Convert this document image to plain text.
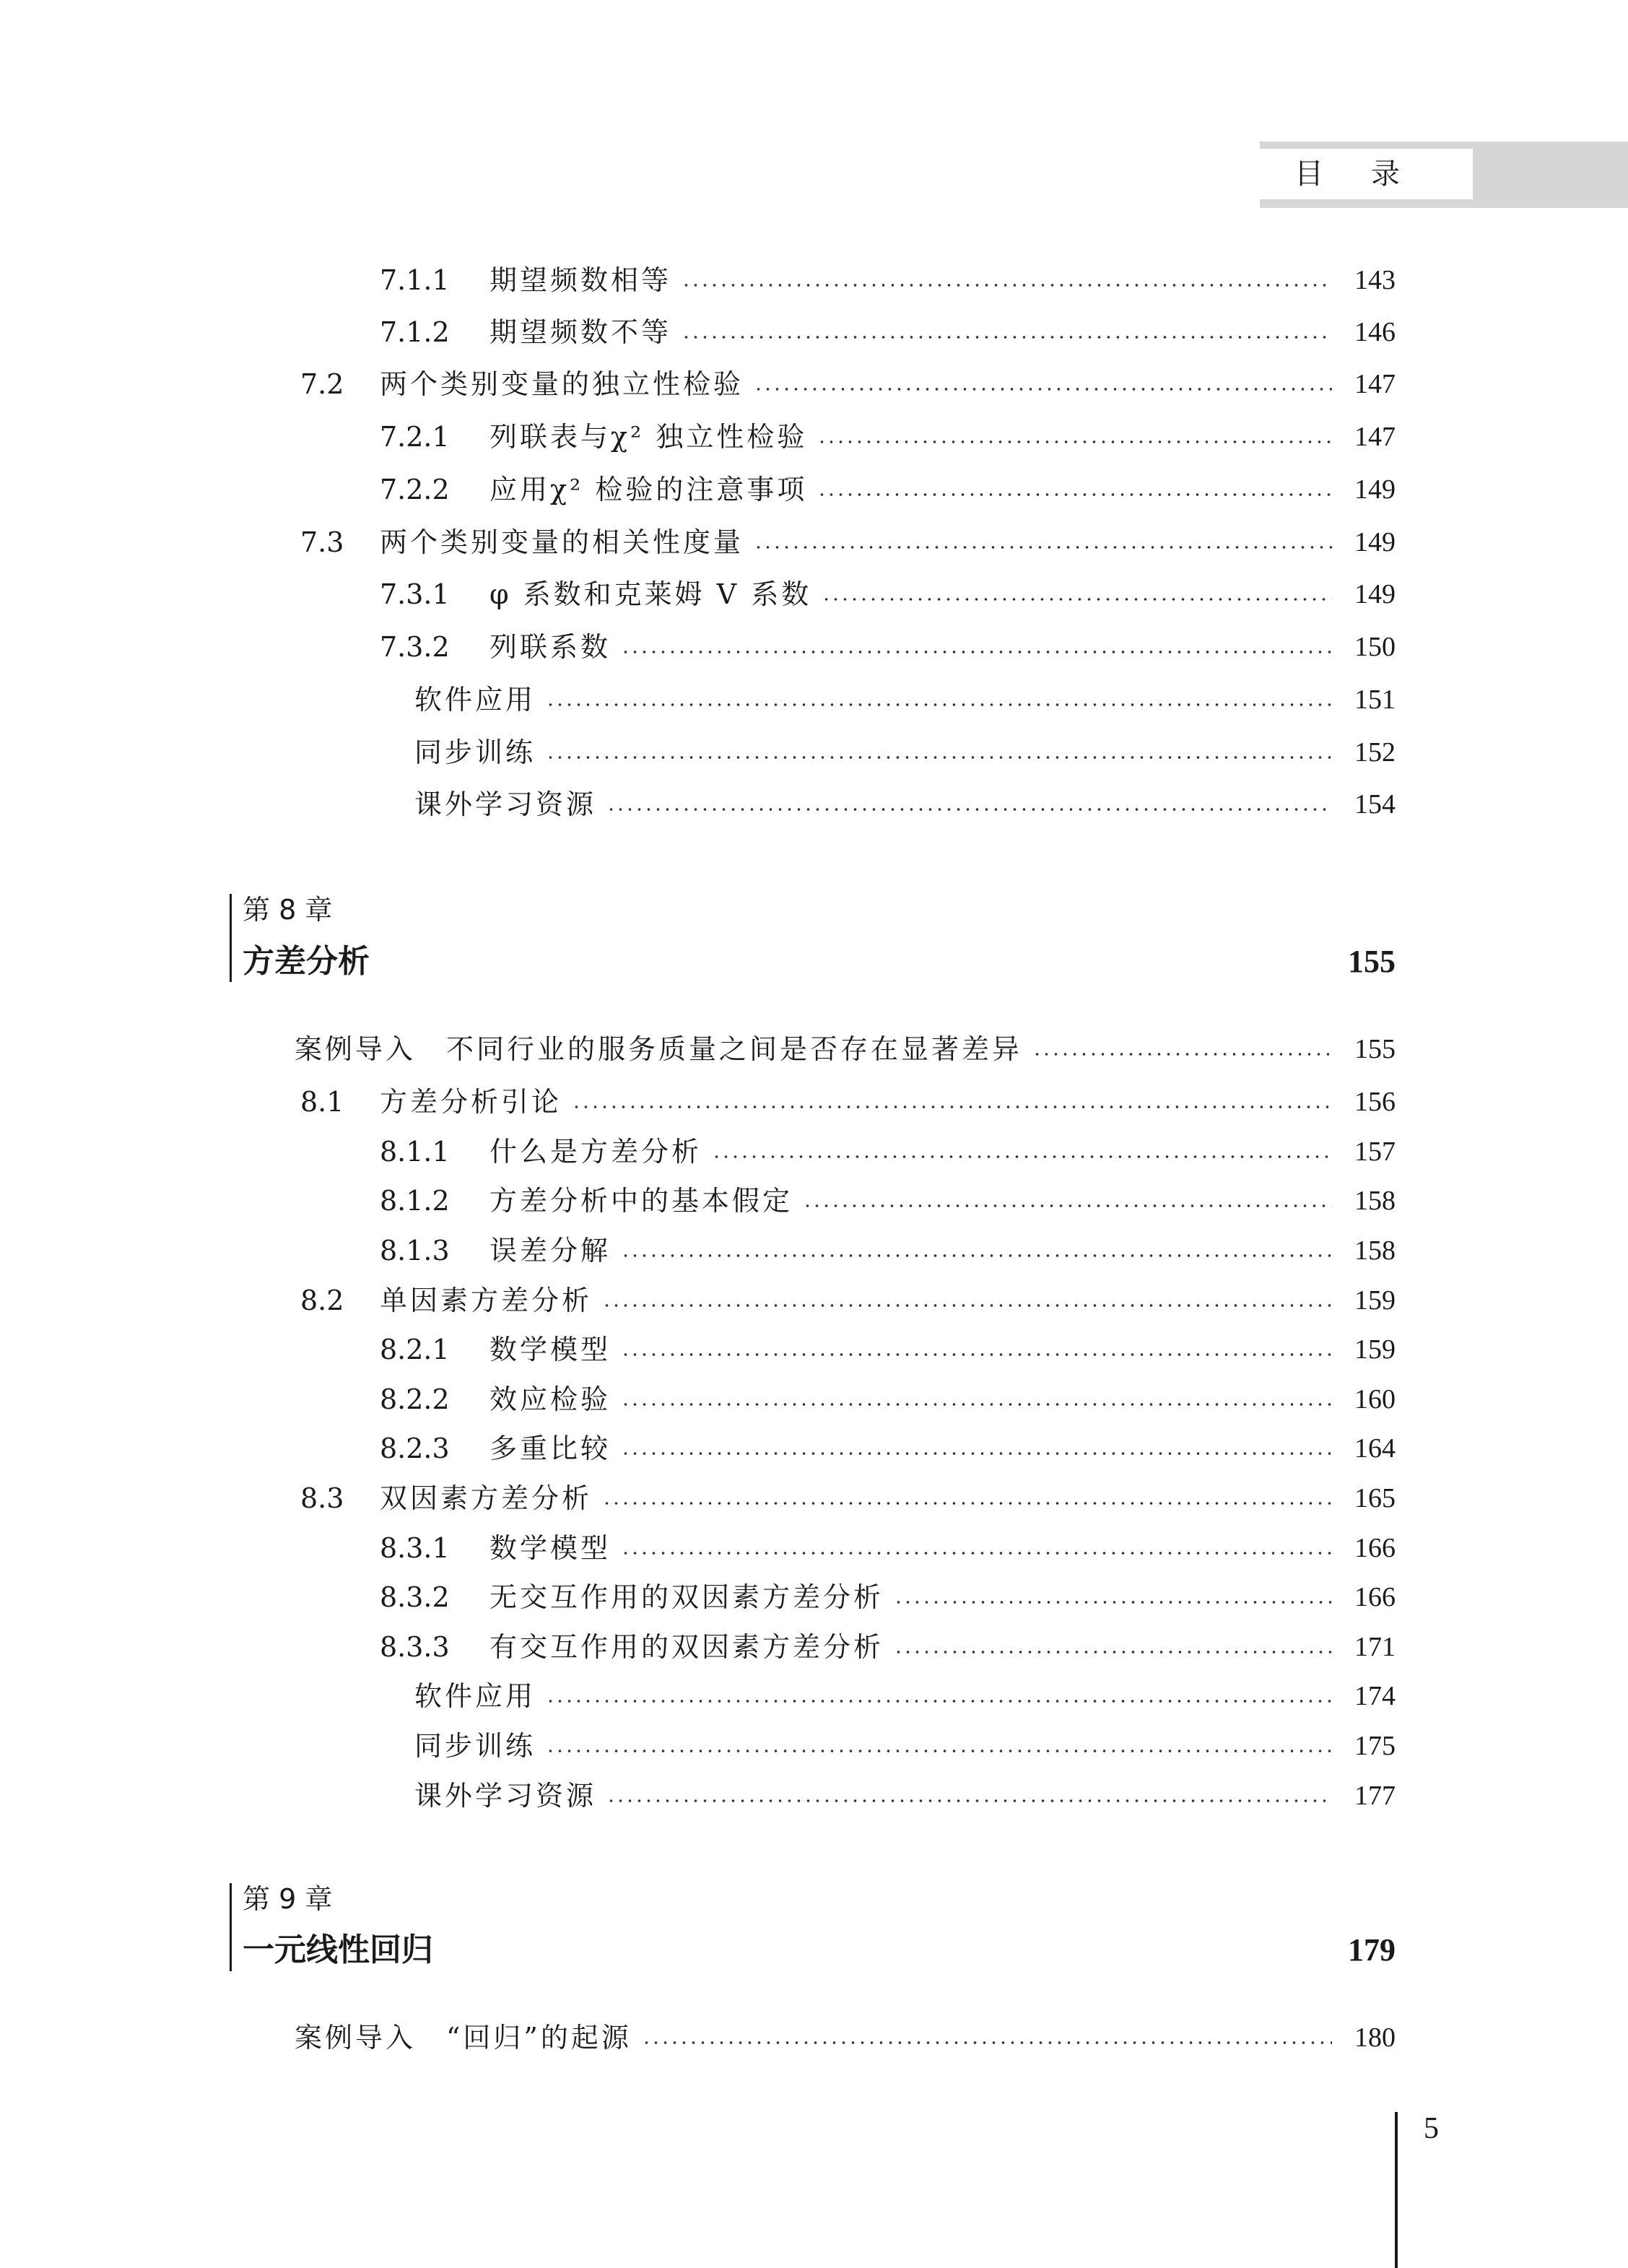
目录
7.1.1	期望频数相等	143
7.1.2	期望频数不等	146
7.2	两个类别变量的独立性检验	147
7.2.1	列联表与χ² 独立性检验	147
7.2.2	应用χ² 检验的注意事项	149
7.3	两个类别变量的相关性度量	149
7.3.1	φ 系数和克莱姆 V 系数	149
7.3.2	列联系数	150
软件应用	151
同步训练	152
课外学习资源	154
第 8 章
方差分析	155
案例导入　不同行业的服务质量之间是否存在显著差异	155
8.1	方差分析引论	156
8.1.1	什么是方差分析	157
8.1.2	方差分析中的基本假定	158
8.1.3	误差分解	158
8.2	单因素方差分析	159
8.2.1	数学模型	159
8.2.2	效应检验	160
8.2.3	多重比较	164
8.3	双因素方差分析	165
8.3.1	数学模型	166
8.3.2	无交互作用的双因素方差分析	166
8.3.3	有交互作用的双因素方差分析	171
软件应用	174
同步训练	175
课外学习资源	177
第 9 章
一元线性回归	179
案例导入　“回归”的起源	180
5
